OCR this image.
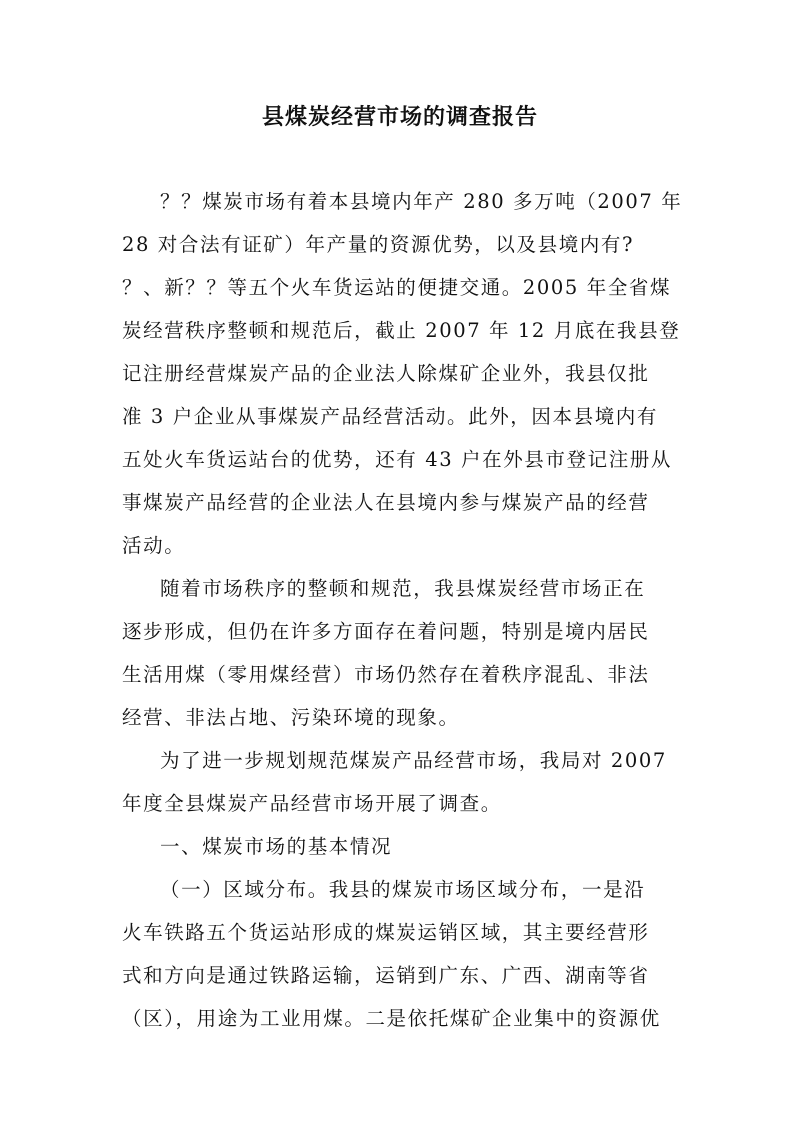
县煤炭经营市场的调查报告
？？煤炭市场有着本县境内年产 280 多万吨（2007 年
28 对合法有证矿）年产量的资源优势，以及县境内有?
？、新？？等五个火车货运站的便捷交通。2005 年全省煤
炭经营秩序整顿和规范后，截止 2007 年 12 月底在我县登
记注册经营煤炭产品的企业法人除煤矿企业外，我县仅批
准 3 户企业从事煤炭产品经营活动。此外，因本县境内有
五处火车货运站台的优势，还有 43 户在外县市登记注册从
事煤炭产品经营的企业法人在县境内参与煤炭产品的经营
活动。
随着市场秩序的整顿和规范，我县煤炭经营市场正在
逐步形成，但仍在许多方面存在着问题，特别是境内居民
生活用煤（零用煤经营）市场仍然存在着秩序混乱、非法
经营、非法占地、污染环境的现象。
为了进一步规划规范煤炭产品经营市场，我局对 2007
年度全县煤炭产品经营市场开展了调查。
一、煤炭市场的基本情况
（一）区域分布。我县的煤炭市场区域分布，一是沿
火车铁路五个货运站形成的煤炭运销区域，其主要经营形
式和方向是通过铁路运输，运销到广东、广西、湖南等省
（区），用途为工业用煤。二是依托煤矿企业集中的资源优
